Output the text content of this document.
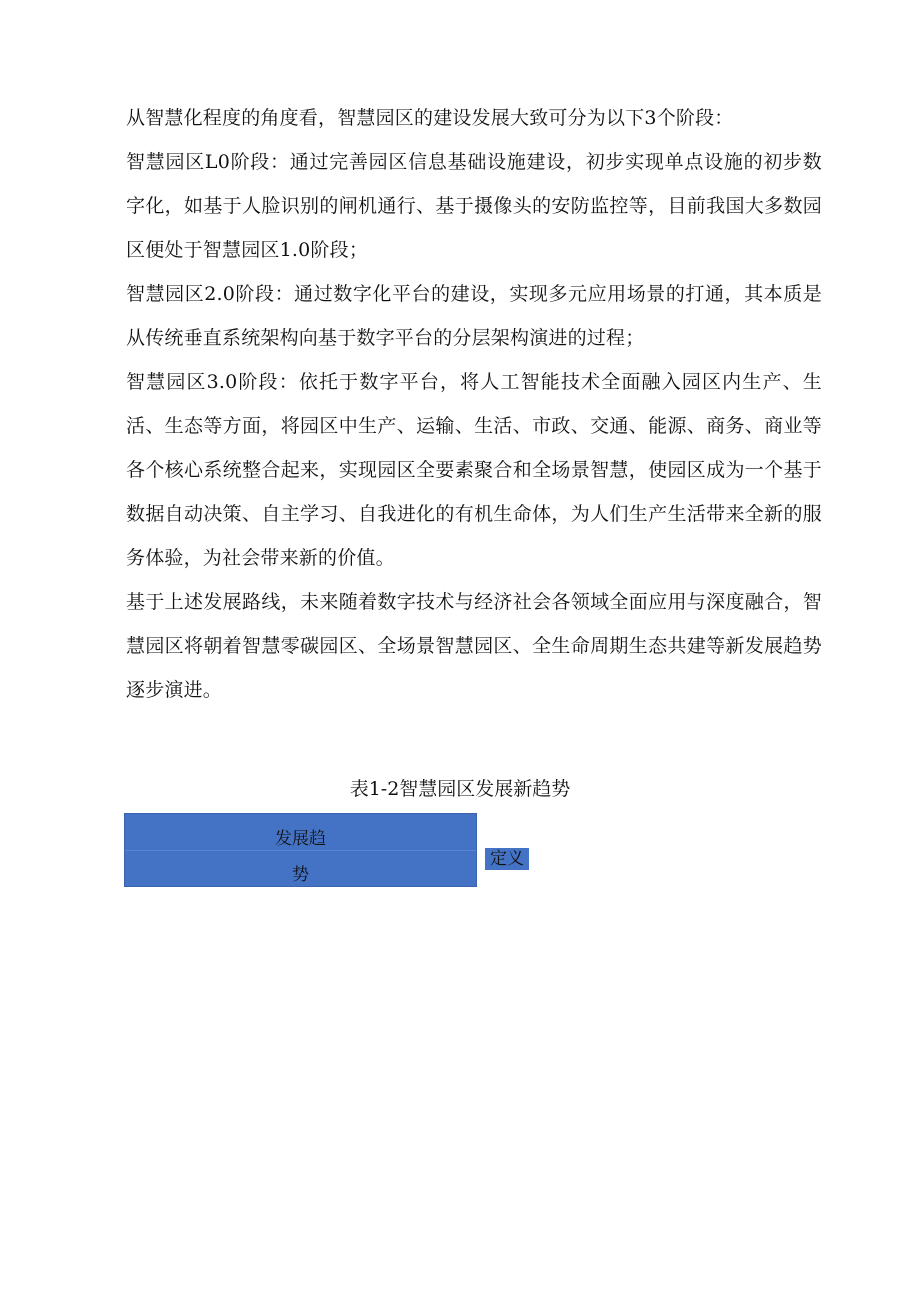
从智慧化程度的角度看，智慧园区的建设发展大致可分为以下3个阶段：

智慧园区L0阶段：通过完善园区信息基础设施建设，初步实现单点设施的初步数字化，如基于人脸识别的闸机通行、基于摄像头的安防监控等，目前我国大多数园区便处于智慧园区1.0阶段；

智慧园区2.0阶段：通过数字化平台的建设，实现多元应用场景的打通，其本质是从传统垂直系统架构向基于数字平台的分层架构演进的过程；

智慧园区3.0阶段：依托于数字平台，将人工智能技术全面融入园区内生产、生活、生态等方面，将园区中生产、运输、生活、市政、交通、能源、商务、商业等各个核心系统整合起来，实现园区全要素聚合和全场景智慧，使园区成为一个基于数据自动决策、自主学习、自我进化的有机生命体，为人们生产生活带来全新的服务体验，为社会带来新的价值。

基于上述发展路线，未来随着数字技术与经济社会各领域全面应用与深度融合，智慧园区将朝着智慧零碳园区、全场景智慧园区、全生命周期生态共建等新发展趋势逐步演进。

表1-2智慧园区发展新趋势

发展趋
势
定义
